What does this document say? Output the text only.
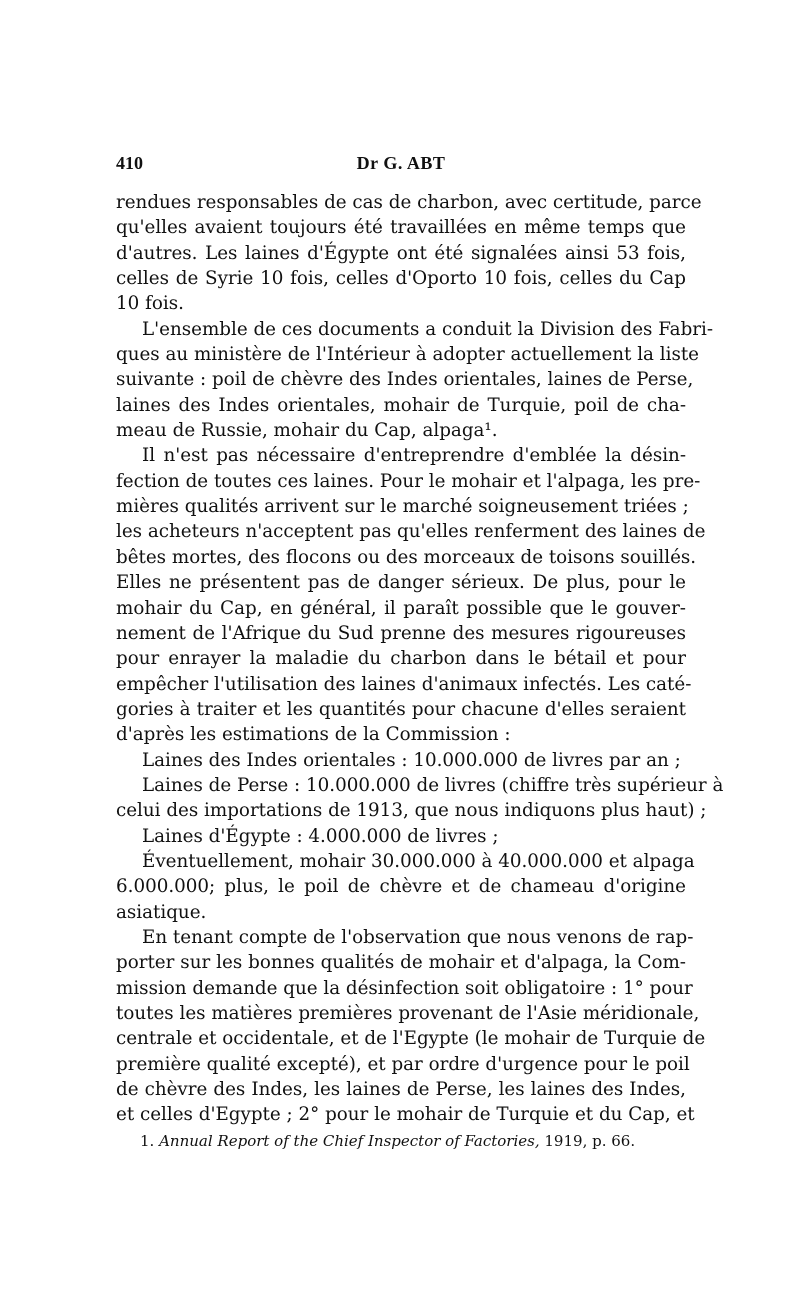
410	Dr G. ABT
rendues responsables de cas de charbon, avec certitude, parce
qu'elles avaient toujours été travaillées en même temps que
d'autres. Les laines d'Égypte ont été signalées ainsi 53 fois,
celles de Syrie 10 fois, celles d'Oporto 10 fois, celles du Cap
10 fois.
L'ensemble de ces documents a conduit la Division des Fabri-
ques au ministère de l'Intérieur à adopter actuellement la liste
suivante : poil de chèvre des Indes orientales, laines de Perse,
laines des Indes orientales, mohair de Turquie, poil de cha-
meau de Russie, mohair du Cap, alpaga¹.
Il n'est pas nécessaire d'entreprendre d'emblée la désin-
fection de toutes ces laines. Pour le mohair et l'alpaga, les pre-
mières qualités arrivent sur le marché soigneusement triées ;
les acheteurs n'acceptent pas qu'elles renferment des laines de
bêtes mortes, des flocons ou des morceaux de toisons souillés.
Elles ne présentent pas de danger sérieux. De plus, pour le
mohair du Cap, en général, il paraît possible que le gouver-
nement de l'Afrique du Sud prenne des mesures rigoureuses
pour enrayer la maladie du charbon dans le bétail et pour
empêcher l'utilisation des laines d'animaux infectés. Les caté-
gories à traiter et les quantités pour chacune d'elles seraient
d'après les estimations de la Commission :
Laines des Indes orientales : 10.000.000 de livres par an ;
Laines de Perse : 10.000.000 de livres (chiffre très supérieur à
celui des importations de 1913, que nous indiquons plus haut) ;
Laines d'Égypte : 4.000.000 de livres ;
Éventuellement, mohair 30.000.000 à 40.000.000 et alpaga
6.000.000; plus, le poil de chèvre et de chameau d'origine
asiatique.
En tenant compte de l'observation que nous venons de rap-
porter sur les bonnes qualités de mohair et d'alpaga, la Com-
mission demande que la désinfection soit obligatoire : 1° pour
toutes les matières premières provenant de l'Asie méridionale,
centrale et occidentale, et de l'Egypte (le mohair de Turquie de
première qualité excepté), et par ordre d'urgence pour le poil
de chèvre des Indes, les laines de Perse, les laines des Indes,
et celles d'Egypte ; 2° pour le mohair de Turquie et du Cap, et
1. Annual Report of the Chief Inspector of Factories, 1919, p. 66.
